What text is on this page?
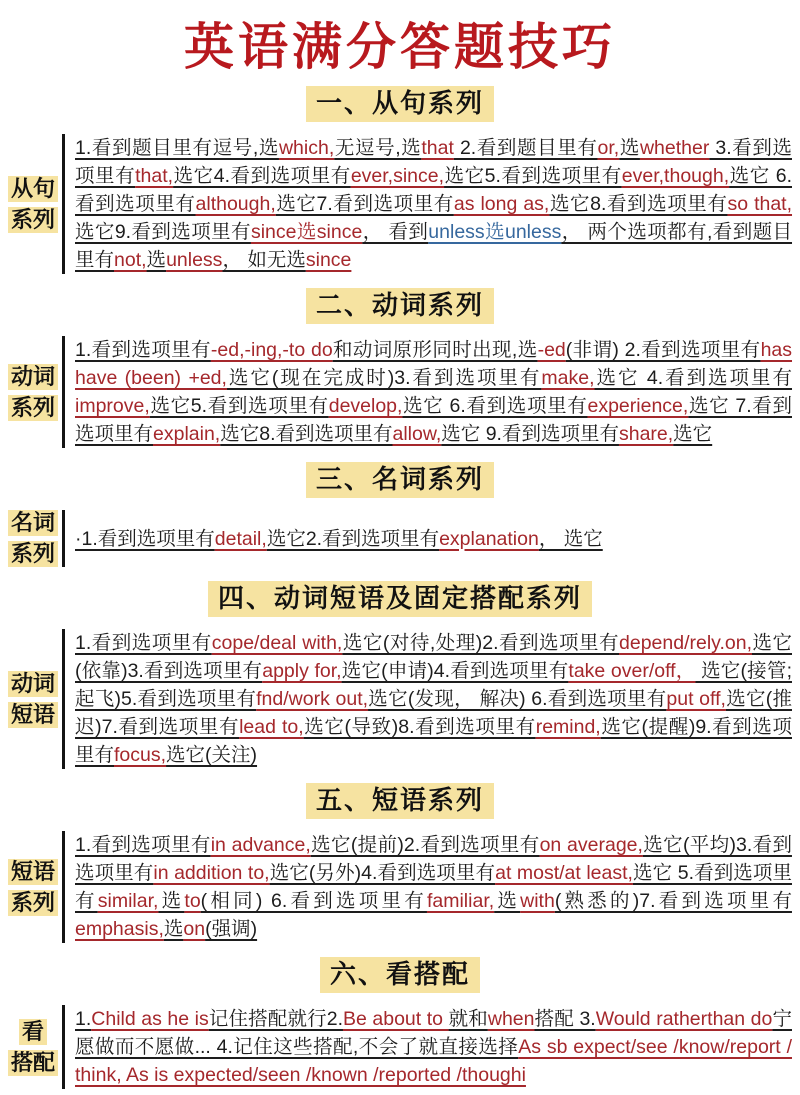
英语满分答题技巧
一、从句系列
从句
系列

1.看到题目里有逗号,选which,无逗号,选that 2.看到题目里有or,选whether 3.看到选项里有that,选它4.看到选项里有ever,since,选它5.看到选项里有ever,though,选它 6.看到选项里有although,选它7.看到选项里有as long as,选它8.看到选项里有so that,选它9.看到选项里有since选since， 看到unless选unless， 两个选项都有,看到题目里有not,选unless， 如无选since

二、动词系列
动词
系列

1.看到选项里有-ed,-ing,-to do和动词原形同时出现,选-ed(非谓) 2.看到选项里有has have (been) +ed,选它(现在完成时)3.看到选项里有make,选它 4.看到选项里有improve,选它5.看到选项里有develop,选它 6.看到选项里有experience,选它 7.看到选项里有explain,选它8.看到选项里有allow,选它 9.看到选项里有share,选它

三、名词系列
名词
系列

·1.看到选项里有detail,选它2.看到选项里有explanation， 选它

四、动词短语及固定搭配系列
动词
短语

1.看到选项里有cope/deal with,选它(对待,处理)2.看到选项里有depend/rely.on,选它(依靠)3.看到选项里有apply for,选它(申请)4.看到选项里有take over/off， 选它(接管;起飞)5.看到选项里有fnd/work out,选它(发现， 解决) 6.看到选项里有put off,选它(推迟)7.看到选项里有lead to,选它(导致)8.看到选项里有remind,选它(提醒)9.看到选项里有focus,选它(关注)

五、短语系列
短语
系列

1.看到选项里有in advance,选它(提前)2.看到选项里有on average,选它(平均)3.看到选项里有in addition to,选它(另外)4.看到选项里有at most/at least,选它 5.看到选项里有similar,选to(相同) 6.看到选项里有familiar,选with(熟悉的)7.看到选项里有emphasis,选on(强调)

六、看搭配
看
搭配

1.Child as he is记住搭配就行2.Be about to 就和when搭配 3.Would ratherthan do宁愿做而不愿做... 4.记住这些搭配,不会了就直接选择As sb expect/see /know/report / think, As is expected/seen /known /reported /thoughi
